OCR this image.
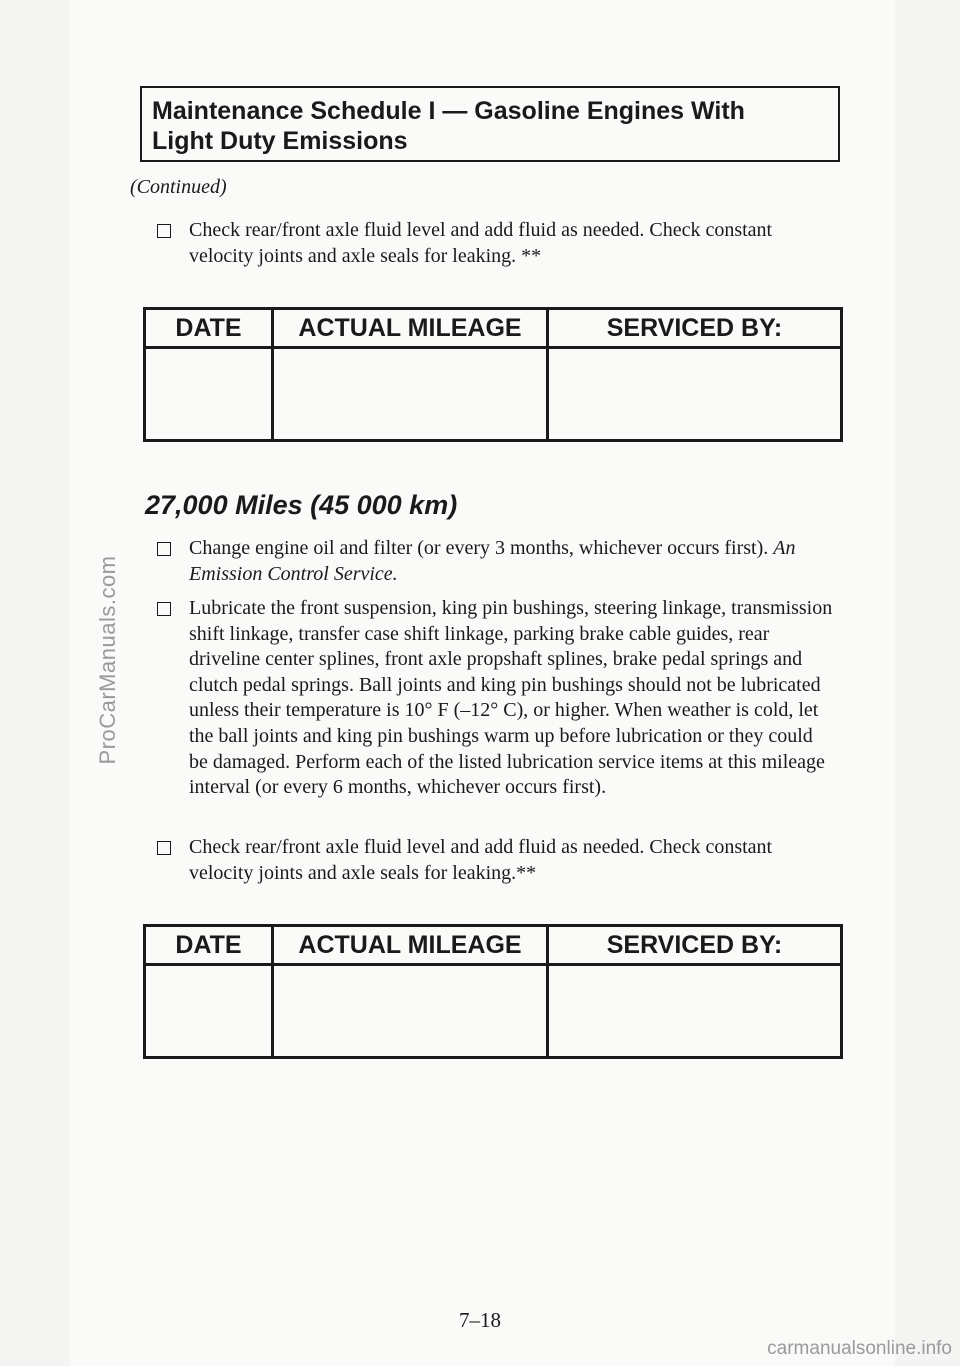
ProCarManuals.com
Maintenance Schedule I — Gasoline Engines With
Light Duty Emissions
(Continued)
Check rear/front axle fluid level and add fluid as needed. Check constant velocity joints and axle seals for leaking. **
DATE	ACTUAL MILEAGE	SERVICED BY:

27,000 Miles (45 000 km)
Change engine oil and filter (or every 3 months, whichever occurs first). An Emission Control Service.
Lubricate the front suspension, king pin bushings, steering linkage, transmission shift linkage, transfer case shift linkage, parking brake cable guides, rear driveline center splines, front axle propshaft splines, brake pedal springs and clutch pedal springs. Ball joints and king pin bushings should not be lubricated unless their temperature is 10° F (–12° C), or higher. When weather is cold, let the ball joints and king pin bushings warm up before lubrication or they could be damaged. Perform each of the listed lubrication service items at this mileage interval (or every 6 months, whichever occurs first).
Check rear/front axle fluid level and add fluid as needed. Check constant velocity joints and axle seals for leaking.**
DATE	ACTUAL MILEAGE	SERVICED BY:

7–18
carmanualsonline.info
